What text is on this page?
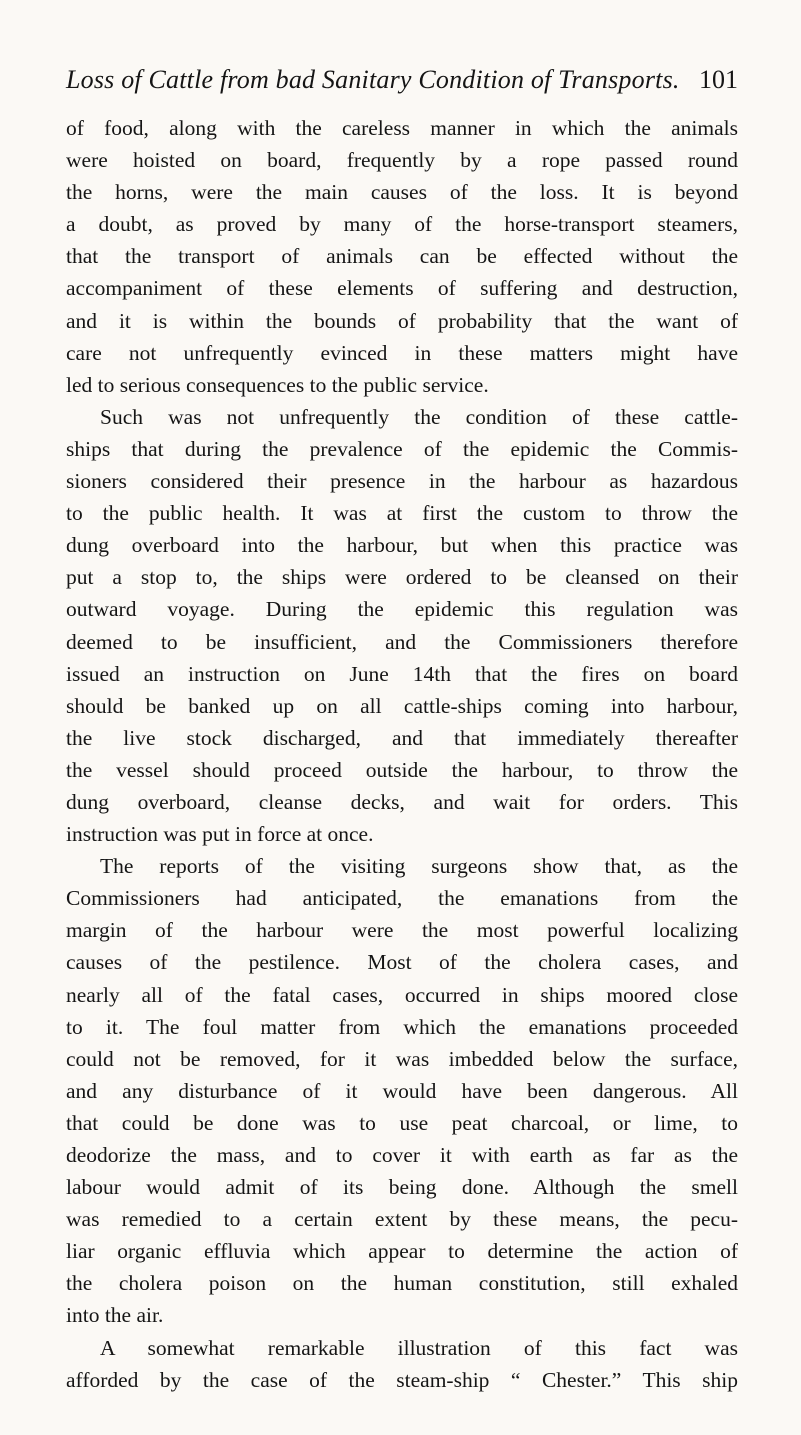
Loss of Cattle from bad Sanitary Condition of Transports. 101
of food, along with the careless manner in which the animals
were hoisted on board, frequently by a rope passed round
the horns, were the main causes of the loss. It is beyond
a doubt, as proved by many of the horse-transport steamers,
that the transport of animals can be effected without the
accompaniment of these elements of suffering and destruction,
and it is within the bounds of probability that the want of
care not unfrequently evinced in these matters might have
led to serious consequences to the public service.
Such was not unfrequently the condition of these cattle-
ships that during the prevalence of the epidemic the Commis-
sioners considered their presence in the harbour as hazardous
to the public health. It was at first the custom to throw the
dung overboard into the harbour, but when this practice was
put a stop to, the ships were ordered to be cleansed on their
outward voyage. During the epidemic this regulation was
deemed to be insufficient, and the Commissioners therefore
issued an instruction on June 14th that the fires on board
should be banked up on all cattle-ships coming into harbour,
the live stock discharged, and that immediately thereafter
the vessel should proceed outside the harbour, to throw the
dung overboard, cleanse decks, and wait for orders. This
instruction was put in force at once.
The reports of the visiting surgeons show that, as the
Commissioners had anticipated, the emanations from the
margin of the harbour were the most powerful localizing
causes of the pestilence. Most of the cholera cases, and
nearly all of the fatal cases, occurred in ships moored close
to it. The foul matter from which the emanations proceeded
could not be removed, for it was imbedded below the surface,
and any disturbance of it would have been dangerous. All
that could be done was to use peat charcoal, or lime, to
deodorize the mass, and to cover it with earth as far as the
labour would admit of its being done. Although the smell
was remedied to a certain extent by these means, the pecu-
liar organic effluvia which appear to determine the action of
the cholera poison on the human constitution, still exhaled
into the air.
A somewhat remarkable illustration of this fact was
afforded by the case of the steam-ship “ Chester.” This ship
